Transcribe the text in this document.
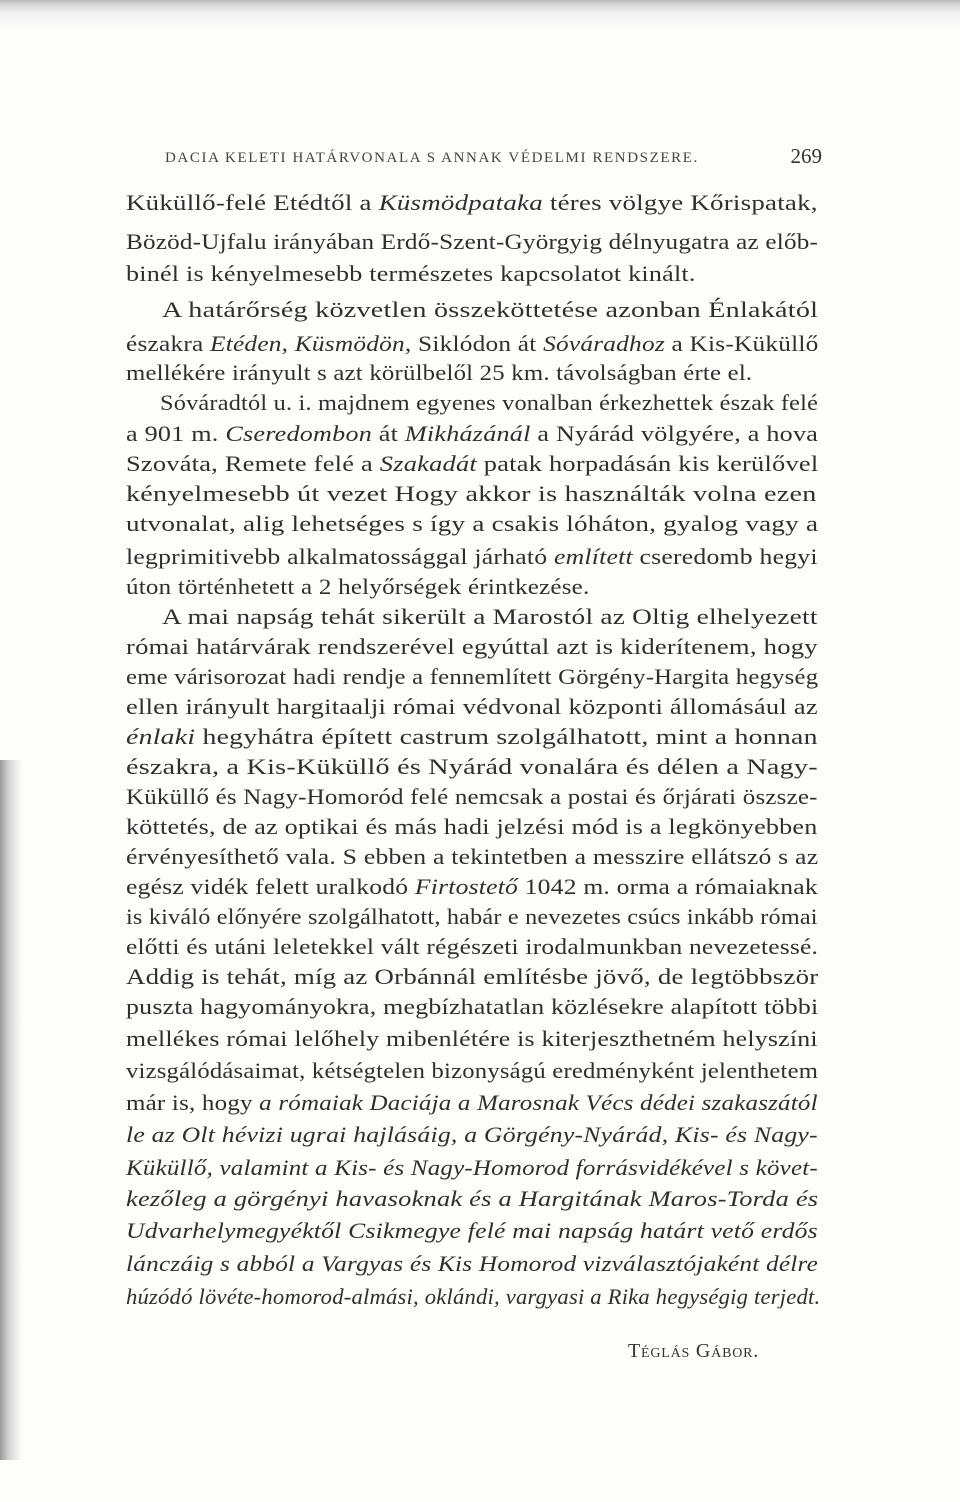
DACIA KELETI HATÁRVONALA S ANNAK VÉDELMI RENDSZERE.	269
Küküllő-felé Etédtől a Küsmödpataka téres völgye Kőrispatak,
Bözöd-Ujfalu irányában Erdő-Szent-Györgyig délnyugatra az előb-
binél is kényelmesebb természetes kapcsolatot kinált.
A határőrség közvetlen összeköttetése azonban Énlakától
északra Etéden, Küsmödön, Siklódon át Sóváradhoz a Kis-Küküllő
mellékére irányult s azt körülbelől 25 km. távolságban érte el.
Sóváradtól u. i. majdnem egyenes vonalban érkezhettek észak felé
a 901 m. Cseredombon át Mikházánál a Nyárád völgyére, a hova
Szováta, Remete felé a Szakadát patak horpadásán kis kerülővel
kényelmesebb út vezet Hogy akkor is használták volna ezen
utvonalat, alig lehetséges s így a csakis lóháton, gyalog vagy a
legprimitivebb alkalmatossággal járható említett cseredomb hegyi
úton történhetett a 2 helyőrségek érintkezése.
A mai napság tehát sikerült a Marostól az Oltig elhelyezett
római határvárak rendszerével egyúttal azt is kiderítenem, hogy
eme várisorozat hadi rendje a fennemlített Görgény-Hargita hegység
ellen irányult hargitaalji római védvonal központi állomásául az
énlaki hegyhátra épített castrum szolgálhatott, mint a honnan
északra, a Kis-Küküllő és Nyárád vonalára és délen a Nagy-
Küküllő és Nagy-Homoród felé nemcsak a postai és őrjárati öszsze-
köttetés, de az optikai és más hadi jelzési mód is a legkönyebben
érvényesíthető vala. S ebben a tekintetben a messzire ellátszó s az
egész vidék felett uralkodó Firtostető 1042 m. orma a rómaiaknak
is kiváló előnyére szolgálhatott, habár e nevezetes csúcs inkább római
előtti és utáni leletekkel vált régészeti irodalmunkban nevezetessé.
Addig is tehát, míg az Orbánnál említésbe jövő, de legtöbbször
puszta hagyományokra, megbízhatatlan közlésekre alapított többi
mellékes római lelőhely mibenlétére is kiterjeszthetném helyszíni
vizsgálódásaimat, kétségtelen bizonyságú eredményként jelenthetem
már is, hogy a rómaiak Daciája a Marosnak Vécs dédei szakaszától
le az Olt hévizi ugrai hajlásáig, a Görgény-Nyárád, Kis- és Nagy-
Küküllő, valamint a Kis- és Nagy-Homorod forrásvidékével s követ-
kezőleg a görgényi havasoknak és a Hargitának Maros-Torda és
Udvarhelymegyéktől Csikmegye felé mai napság határt vető erdős
lánczáig s abból a Vargyas és Kis Homorod vizválasztójaként délre
húzódó lövéte-homorod-almási, oklándi, vargyasi a Rika hegységig terjedt.
Téglás Gábor.
